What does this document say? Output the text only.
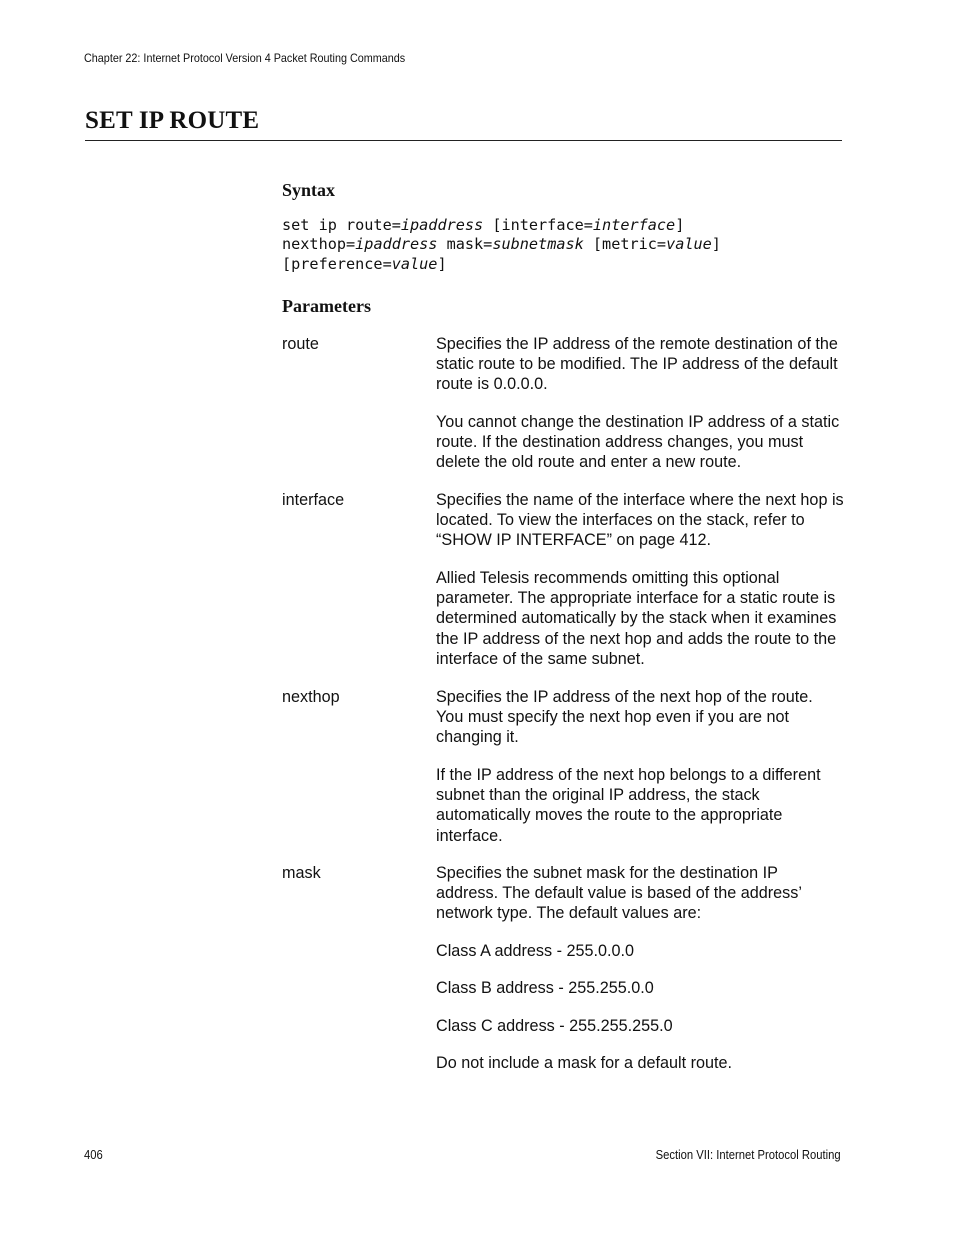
Chapter 22: Internet Protocol Version 4 Packet Routing Commands
SET IP ROUTE
Syntax
set ip route=ipaddress [interface=interface]
nexthop=ipaddress mask=subnetmask [metric=value]
[preference=value]
Parameters
route	Specifies the IP address of the remote destination of the static route to be modified. The IP address of the default route is 0.0.0.0.
You cannot change the destination IP address of a static route. If the destination address changes, you must delete the old route and enter a new route.
interface	Specifies the name of the interface where the next hop is located. To view the interfaces on the stack, refer to “SHOW IP INTERFACE” on page 412.
Allied Telesis recommends omitting this optional parameter. The appropriate interface for a static route is determined automatically by the stack when it examines the IP address of the next hop and adds the route to the interface of the same subnet.
nexthop	Specifies the IP address of the next hop of the route. You must specify the next hop even if you are not changing it.
If the IP address of the next hop belongs to a different subnet than the original IP address, the stack automatically moves the route to the appropriate interface.
mask	Specifies the subnet mask for the destination IP address. The default value is based of the address’ network type. The default values are:
Class A address - 255.0.0.0
Class B address - 255.255.0.0
Class C address - 255.255.255.0
Do not include a mask for a default route.
406	Section VII: Internet Protocol Routing
